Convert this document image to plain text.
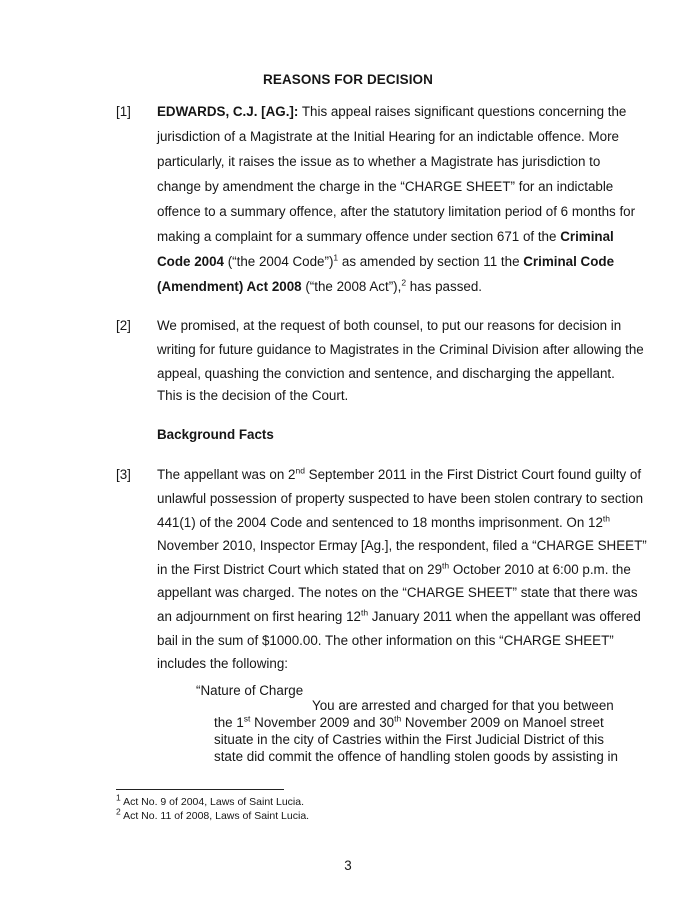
REASONS FOR DECISION
[1] EDWARDS, C.J. [AG.]: This appeal raises significant questions concerning the
jurisdiction of a Magistrate at the Initial Hearing for an indictable offence. More
particularly, it raises the issue as to whether a Magistrate has jurisdiction to
change by amendment the charge in the “CHARGE SHEET” for an indictable
offence to a summary offence, after the statutory limitation period of 6 months for
making a complaint for a summary offence under section 671 of the Criminal
Code 2004 (“the 2004 Code”)$^1$ as amended by section 11 the Criminal Code
(Amendment) Act 2008 (“the 2008 Act”),$^2$ has passed.
[2] We promised, at the request of both counsel, to put our reasons for decision in
writing for future guidance to Magistrates in the Criminal Division after allowing the
appeal, quashing the conviction and sentence, and discharging the appellant.
This is the decision of the Court.
Background Facts
[3] The appellant was on 2nd September 2011 in the First District Court found guilty of
unlawful possession of property suspected to have been stolen contrary to section
441(1) of the 2004 Code and sentenced to 18 months imprisonment. On 12th
November 2010, Inspector Ermay [Ag.], the respondent, filed a “CHARGE SHEET”
in the First District Court which stated that on 29th October 2010 at 6:00 p.m. the
appellant was charged. The notes on the “CHARGE SHEET” state that there was
an adjournment on first hearing 12th January 2011 when the appellant was offered
bail in the sum of $1000.00. The other information on this “CHARGE SHEET”
includes the following:
“Nature of Charge
You are arrested and charged for that you between
the 1st November 2009 and 30th November 2009 on Manoel street
situate in the city of Castries within the First Judicial District of this
state did commit the offence of handling stolen goods by assisting in
$^1$ Act No. 9 of 2004, Laws of Saint Lucia.
$^2$ Act No. 11 of 2008, Laws of Saint Lucia.
3
